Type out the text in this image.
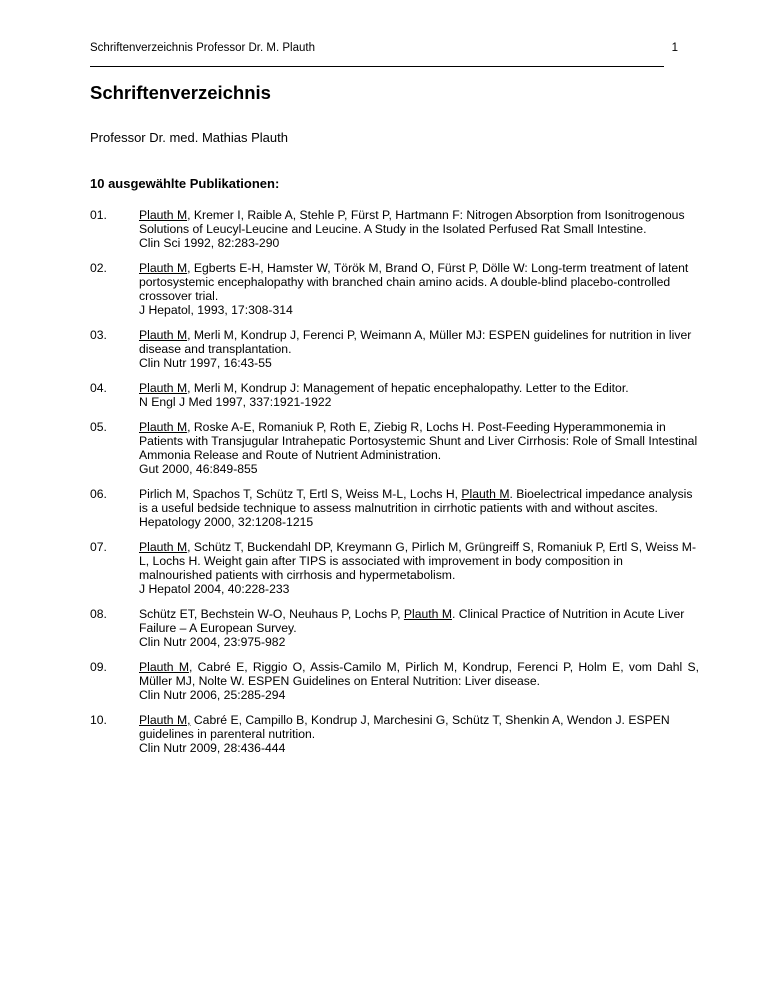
Schriftenverzeichnis Professor Dr. M. Plauth	1
Schriftenverzeichnis
Professor Dr. med. Mathias Plauth
10 ausgewählte Publikationen:
01.	Plauth M, Kremer I, Raible A, Stehle P, Fürst P, Hartmann F: Nitrogen Absorption from Isonitrogenous Solutions of Leucyl-Leucine and Leucine. A Study in the Isolated Perfused Rat Small Intestine.
Clin Sci 1992, 82:283-290
02.	Plauth M, Egberts E-H, Hamster W, Török M, Brand O, Fürst P, Dölle W: Long-term treatment of latent portosystemic encephalopathy with branched chain amino acids. A double-blind placebo-controlled crossover trial.
J Hepatol, 1993, 17:308-314
03.	Plauth M, Merli M, Kondrup J, Ferenci P, Weimann A, Müller MJ: ESPEN guidelines for nutrition in liver disease and transplantation.
Clin Nutr 1997, 16:43-55
04.	Plauth M, Merli M, Kondrup J: Management of hepatic encephalopathy. Letter to the Editor.
N Engl J Med 1997, 337:1921-1922
05.	Plauth M, Roske A-E, Romaniuk P, Roth E, Ziebig R, Lochs H. Post-Feeding Hyperammonemia in Patients with Transjugular Intrahepatic Portosystemic Shunt and Liver Cirrhosis: Role of Small Intestinal Ammonia Release and Route of Nutrient Administration.
Gut 2000, 46:849-855
06.	Pirlich M, Spachos T, Schütz T, Ertl S, Weiss M-L, Lochs H, Plauth M. Bioelectrical impedance analysis is a useful bedside technique to assess malnutrition in cirrhotic patients with and without ascites.
Hepatology 2000, 32:1208-1215
07.	Plauth M, Schütz T, Buckendahl DP, Kreymann G, Pirlich M, Grüngreiff S, Romaniuk P, Ertl S, Weiss M-L, Lochs H. Weight gain after TIPS is associated with improvement in body composition in malnourished patients with cirrhosis and hypermetabolism.
J Hepatol 2004, 40:228-233
08.	Schütz ET, Bechstein W-O, Neuhaus P, Lochs P, Plauth M. Clinical Practice of Nutrition in Acute Liver Failure – A European Survey.
Clin Nutr 2004, 23:975-982
09.	Plauth M, Cabré E, Riggio O, Assis-Camilo M, Pirlich M, Kondrup, Ferenci P, Holm E, vom Dahl S, Müller MJ, Nolte W. ESPEN Guidelines on Enteral Nutrition: Liver disease.
Clin Nutr 2006, 25:285-294
10.	Plauth M, Cabré E, Campillo B, Kondrup J, Marchesini G, Schütz T, Shenkin A, Wendon J. ESPEN guidelines in parenteral nutrition.
Clin Nutr 2009, 28:436-444
